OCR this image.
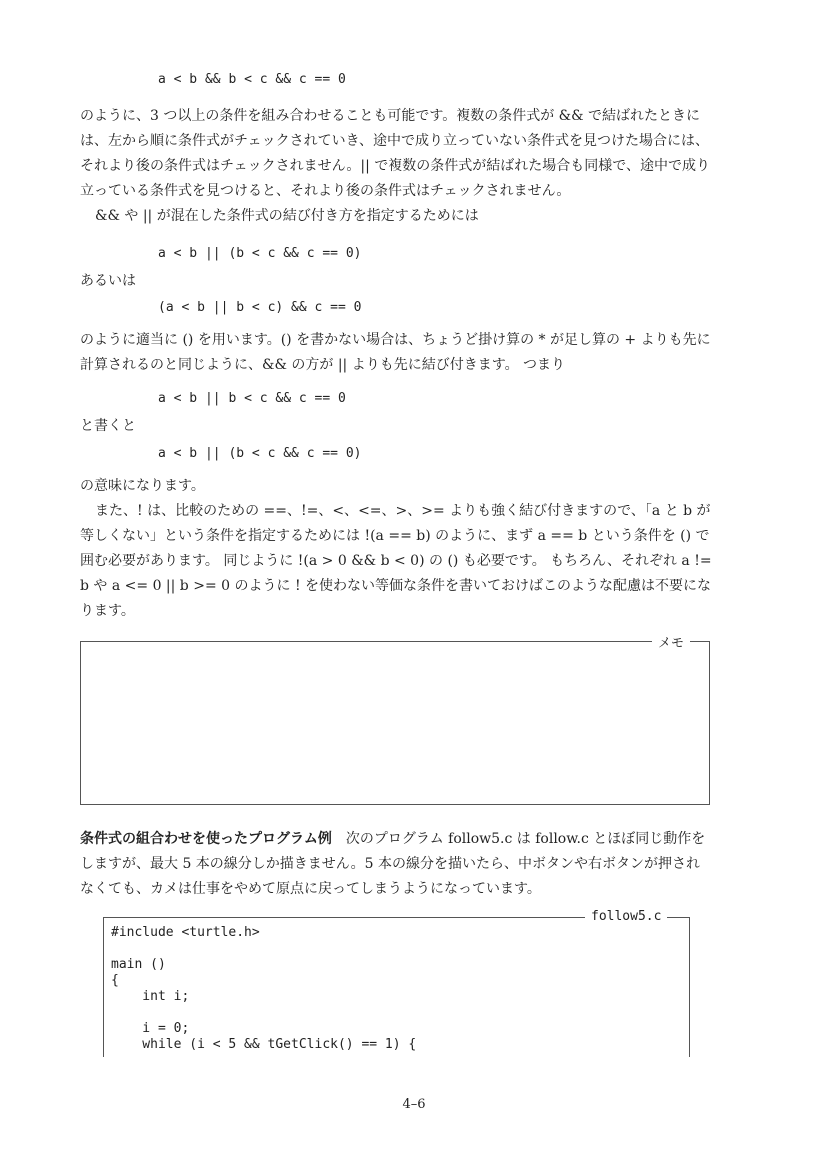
a < b && b < c && c == 0

のように、3 つ以上の条件を組み合わせることも可能です。複数の条件式が && で結ばれたときには、左から順に条件式がチェックされていき、途中で成り立っていない条件式を見つけた場合には、それより後の条件式はチェックされません。|| で複数の条件式が結ばれた場合も同様で、途中で成り立っている条件式を見つけると、それより後の条件式はチェックされません。

&& や || が混在した条件式の結び付き方を指定するためには

a < b || (b < c && c == 0)

あるいは

(a < b || b < c) && c == 0

のように適当に () を用います。() を書かない場合は、ちょうど掛け算の * が足し算の + よりも先に計算されるのと同じように、&& の方が || よりも先に結び付きます。 つまり

a < b || b < c && c == 0

と書くと

a < b || (b < c && c == 0)

の意味になります。

また、! は、比較のための ==、!=、<、<=、>、>= よりも強く結び付きますので、「a と b が等しくない」という条件を指定するためには !(a == b) のように、まず a == b という条件を () で囲む必要があります。 同じように !(a > 0 && b < 0) の () も必要です。 もちろん、それぞれ a != b や a <= 0 || b >= 0 のように ! を使わない等価な条件を書いておけばこのような配慮は不要になります。

メモ

条件式の組合わせを使ったプログラム例　 次のプログラム follow5.c は follow.c とほぼ同じ動作をしますが、最大 5 本の線分しか描きません。5 本の線分を描いたら、中ボタンや右ボタンが押されなくても、カメは仕事をやめて原点に戻ってしまうようになっています。

#include <turtle.h>

main ()
{
int i;

i = 0;
while (i < 5 && tGetClick() == 1) {
follow5.c
4–6
